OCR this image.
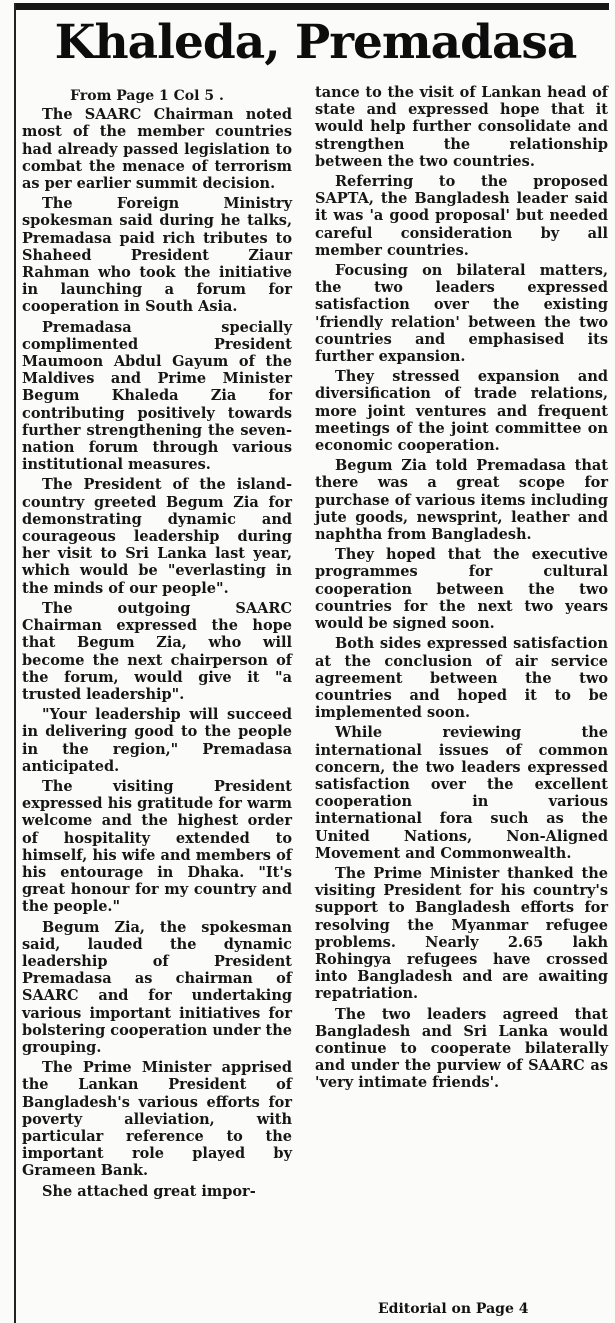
Khaleda, Premadasa
From Page 1 Col 5 .

The SAARC Chairman noted most of the member countries had already passed legislation to combat the menace of terrorism as per earlier summit decision.

The Foreign Ministry spokesman said during he talks, Premadasa paid rich tributes to Shaheed President Ziaur Rahman who took the initiative in launching a forum for cooperation in South Asia.

Premadasa specially complimented President Maumoon Abdul Gayum of the Maldives and Prime Minister Begum Khaleda Zia for contributing positively towards further strengthening the seven-nation forum through various institutional measures.

The President of the island-country greeted Begum Zia for demonstrating dynamic and courageous leadership during her visit to Sri Lanka last year, which would be "everlasting in the minds of our people".

The outgoing SAARC Chairman expressed the hope that Begum Zia, who will become the next chairperson of the forum, would give it "a trusted leadership".

"Your leadership will succeed in delivering good to the people in the region," Premadasa anticipated.

The visiting President expressed his gratitude for warm welcome and the highest order of hospitality extended to himself, his wife and members of his entourage in Dhaka. "It's great honour for my country and the people."

Begum Zia, the spokesman said, lauded the dynamic leadership of President Premadasa as chairman of SAARC and for undertaking various important initiatives for bolstering cooperation under the grouping.

The Prime Minister apprised the Lankan President of Bangladesh's various efforts for poverty alleviation, with particular reference to the important role played by Grameen Bank.

She attached great impor-

tance to the visit of Lankan head of state and expressed hope that it would help further consolidate and strengthen the relationship between the two countries.

Referring to the proposed SAPTA, the Bangladesh leader said it was 'a good proposal' but needed careful consideration by all member countries.

Focusing on bilateral matters, the two leaders expressed satisfaction over the existing 'friendly relation' between the two countries and emphasised its further expansion.

They stressed expansion and diversification of trade relations, more joint ventures and frequent meetings of the joint committee on economic cooperation.

Begum Zia told Premadasa that there was a great scope for purchase of various items including jute goods, newsprint, leather and naphtha from Bangladesh.

They hoped that the executive programmes for cultural cooperation between the two countries for the next two years would be signed soon.

Both sides expressed satisfaction at the conclusion of air service agreement between the two countries and hoped it to be implemented soon.

While reviewing the international issues of common concern, the two leaders expressed satisfaction over the excellent cooperation in various international fora such as the United Nations, Non-Aligned Movement and Commonwealth.

The Prime Minister thanked the visiting President for his country's support to Bangladesh efforts for resolving the Myanmar refugee problems. Nearly 2.65 lakh Rohingya refugees have crossed into Bangladesh and are awaiting repatriation.

The two leaders agreed that Bangladesh and Sri Lanka would continue to cooperate bilaterally and under the purview of SAARC as 'very intimate friends'.

Editorial on Page 4
